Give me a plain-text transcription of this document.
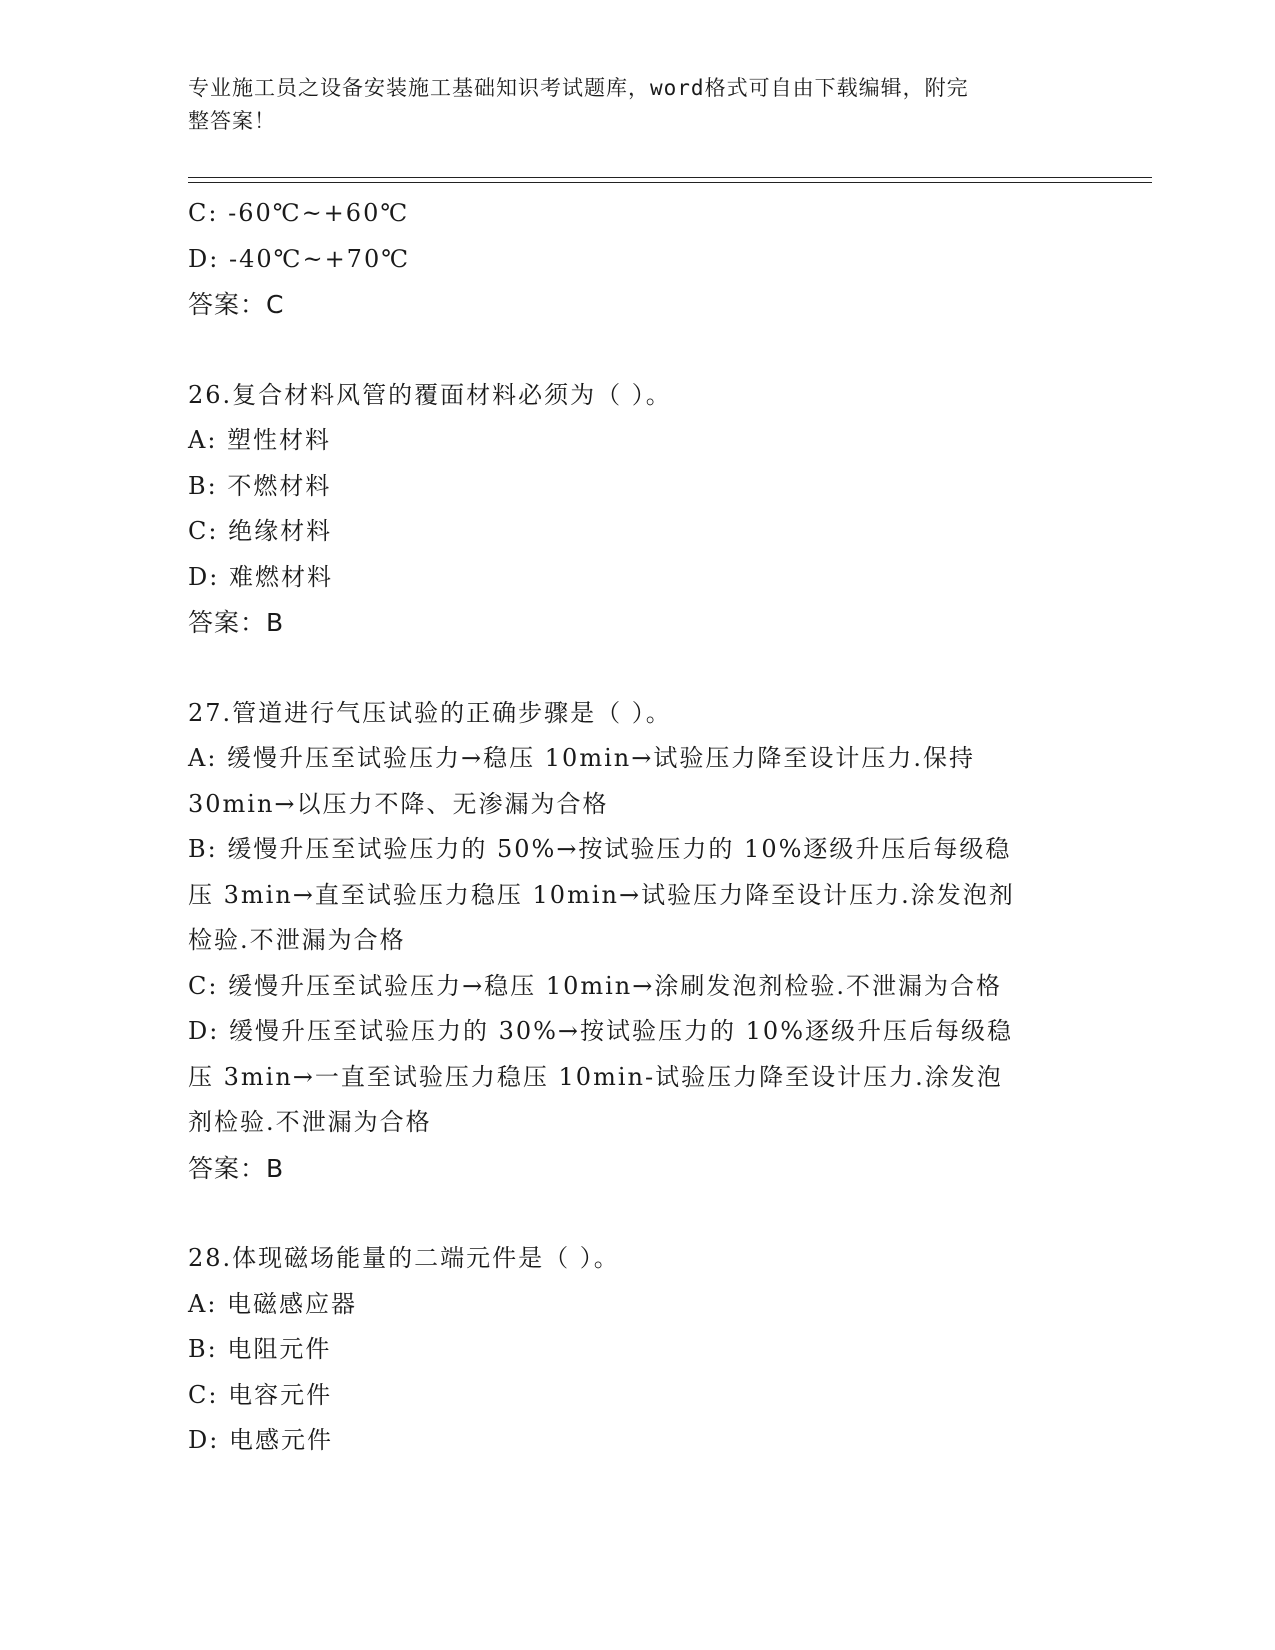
专业施工员之设备安装施工基础知识考试题库，word格式可自由下载编辑，附完
整答案！
C: -60℃~+60℃
D: -40℃~+70℃
答案：C
26.复合材料风管的覆面材料必须为（ ）。
A: 塑性材料
B: 不燃材料
C: 绝缘材料
D: 难燃材料
答案：B
27.管道进行气压试验的正确步骤是（ ）。
A: 缓慢升压至试验压力→稳压 10min→试验压力降至设计压力.保持
30min→以压力不降、无渗漏为合格
B: 缓慢升压至试验压力的 50%→按试验压力的 10%逐级升压后每级稳
压 3min→直至试验压力稳压 10min→试验压力降至设计压力.涂发泡剂
检验.不泄漏为合格
C: 缓慢升压至试验压力→稳压 10min→涂刷发泡剂检验.不泄漏为合格
D: 缓慢升压至试验压力的 30%→按试验压力的 10%逐级升压后每级稳
压 3min→一直至试验压力稳压 10min-试验压力降至设计压力.涂发泡
剂检验.不泄漏为合格
答案：B
28.体现磁场能量的二端元件是（ ）。
A: 电磁感应器
B: 电阻元件
C: 电容元件
D: 电感元件
